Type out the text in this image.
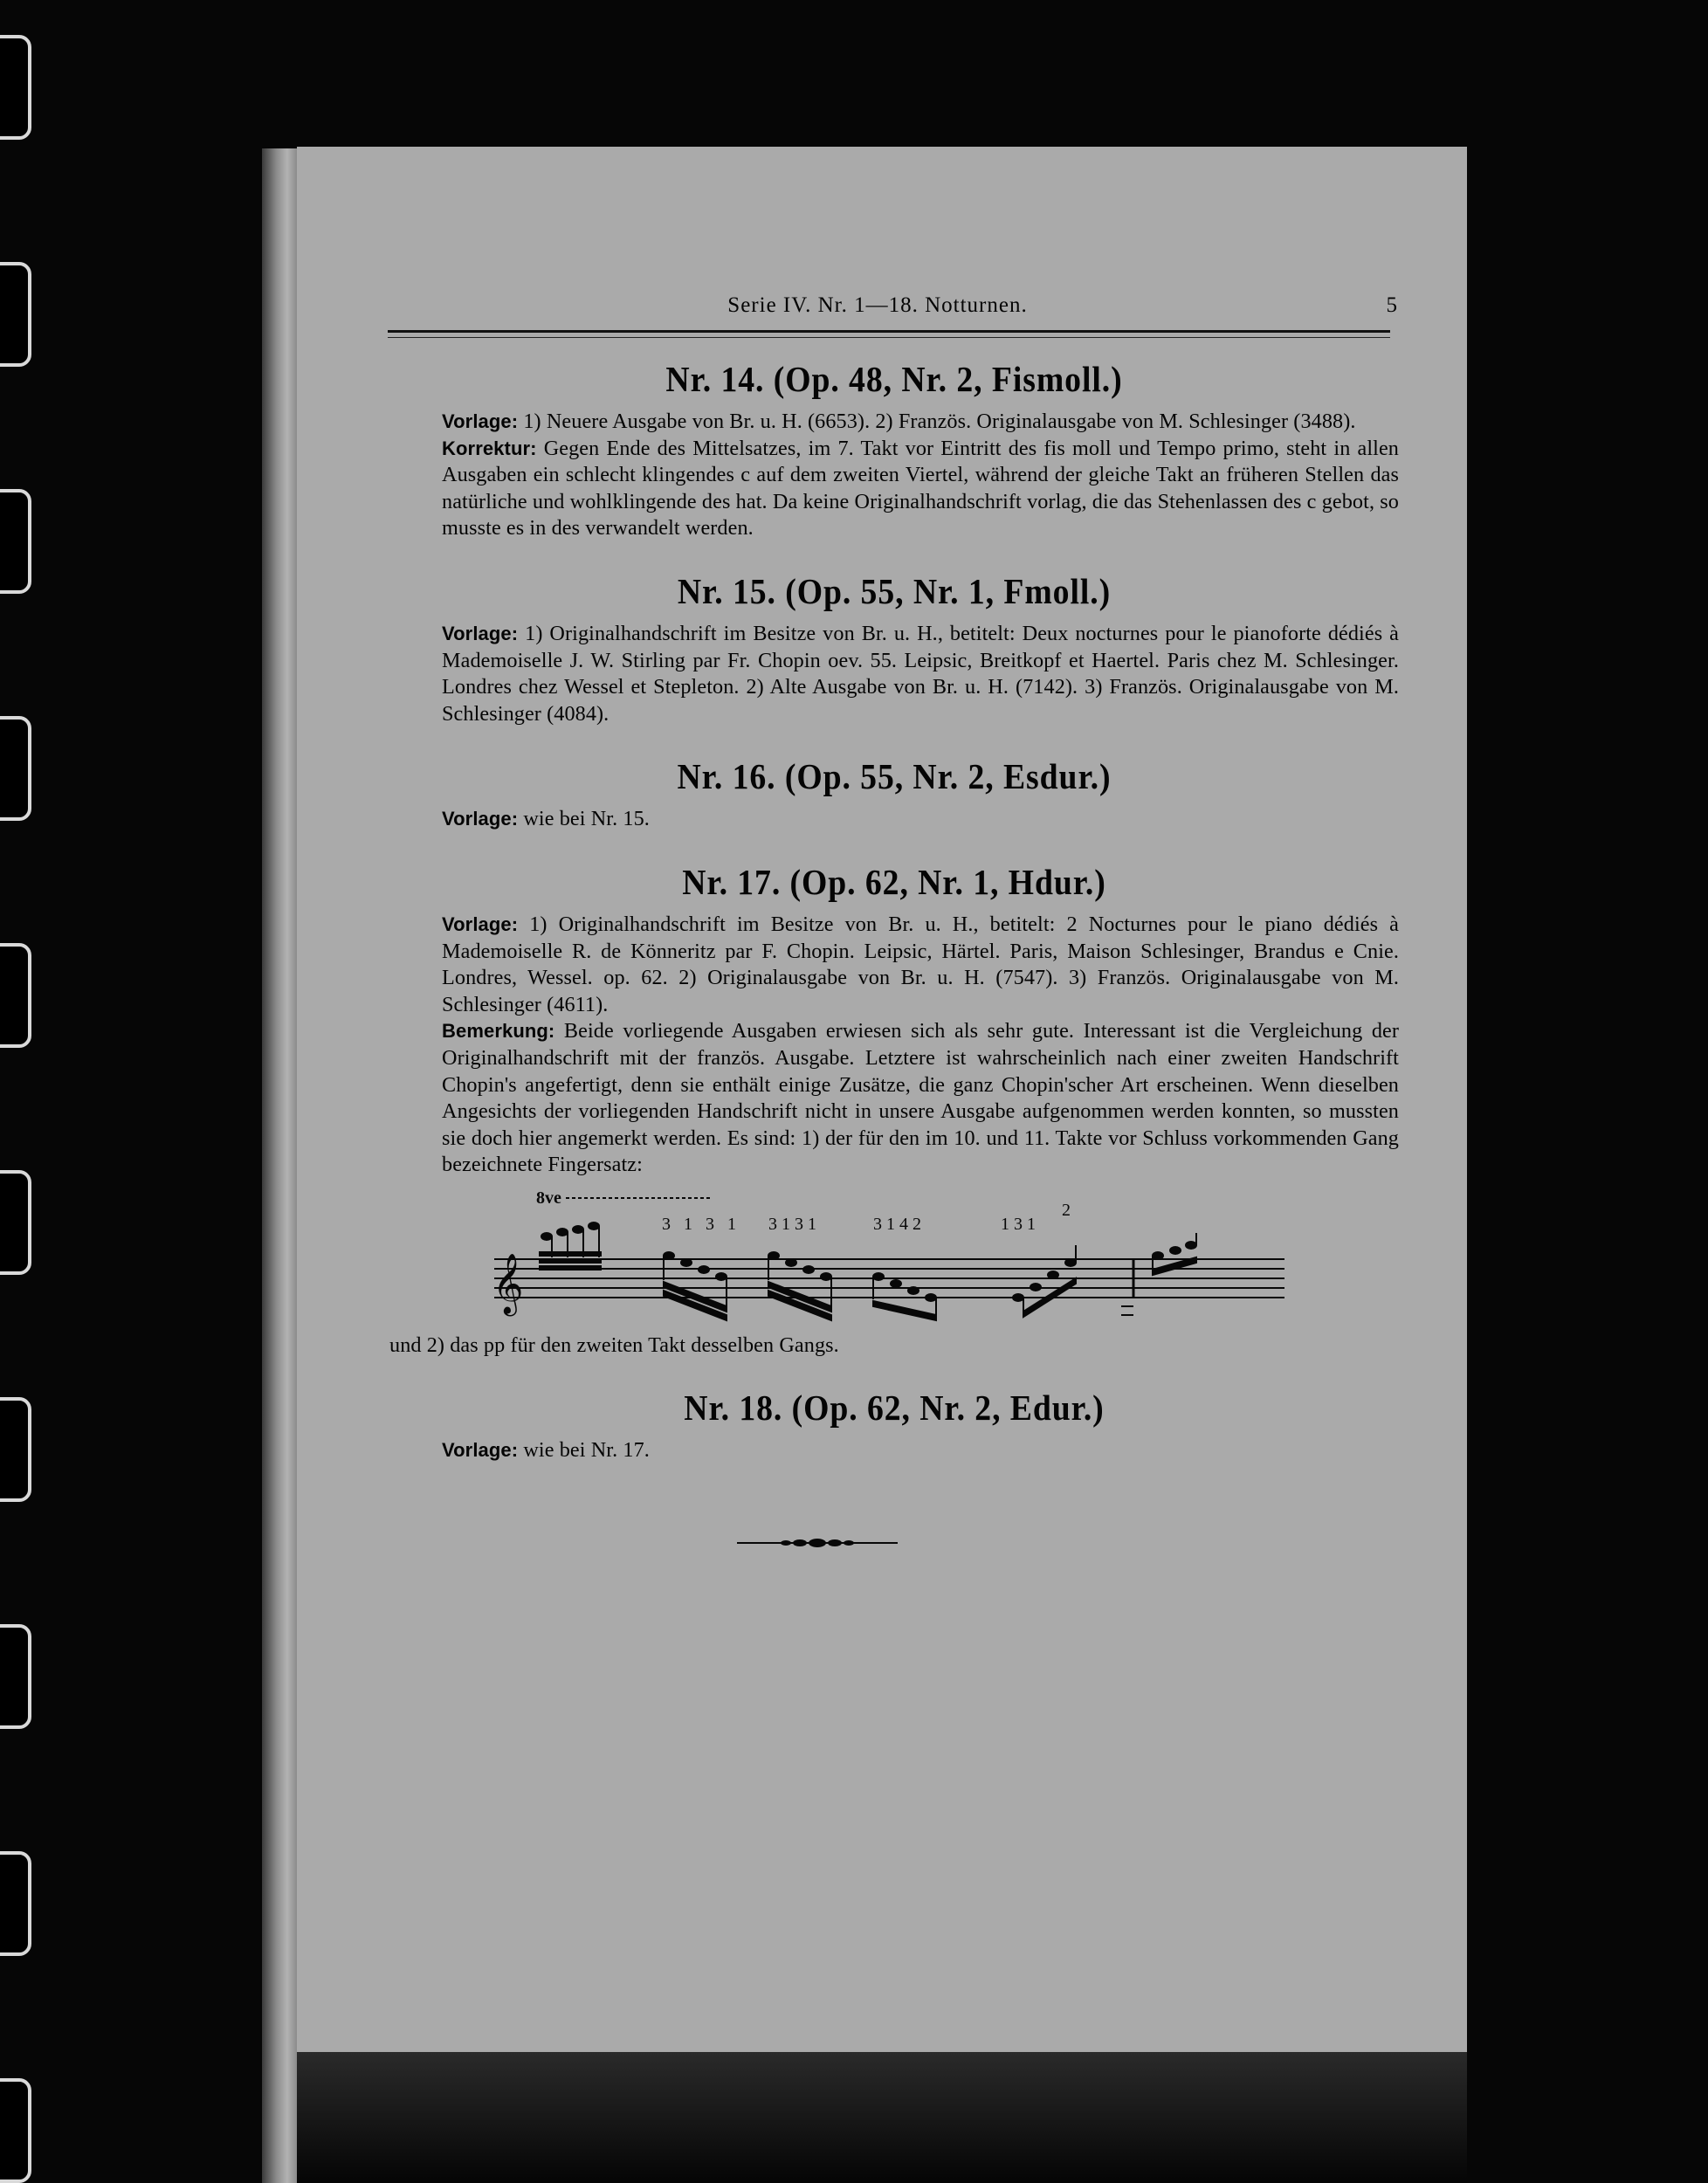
Serie IV. Nr. 1—18. Notturnen.	5
Nr. 14. (Op. 48, Nr. 2, Fismoll.)

Vorlage: 1) Neuere Ausgabe von Br. u. H. (6653). 2) Französ. Originalausgabe von M. Schlesinger (3488).

Korrektur: Gegen Ende des Mittelsatzes, im 7. Takt vor Eintritt des fis moll und Tempo primo, steht in allen Ausgaben ein schlecht klingendes c auf dem zweiten Viertel, während der gleiche Takt an früheren Stellen das natürliche und wohlklingende des hat. Da keine Originalhandschrift vorlag, die das Stehenlassen des c gebot, so musste es in des verwandelt werden.

Nr. 15. (Op. 55, Nr. 1, Fmoll.)

Vorlage: 1) Originalhandschrift im Besitze von Br. u. H., betitelt: Deux nocturnes pour le pianoforte dédiés à Mademoiselle J. W. Stirling par Fr. Chopin oev. 55. Leipsic, Breitkopf et Haertel. Paris chez M. Schlesinger. Londres chez Wessel et Stepleton. 2) Alte Ausgabe von Br. u. H. (7142). 3) Französ. Originalausgabe von M. Schlesinger (4084).

Nr. 16. (Op. 55, Nr. 2, Esdur.)

Vorlage: wie bei Nr. 15.

Nr. 17. (Op. 62, Nr. 1, Hdur.)

Vorlage: 1) Originalhandschrift im Besitze von Br. u. H., betitelt: 2 Nocturnes pour le piano dédiés à Mademoiselle R. de Könneritz par F. Chopin. Leipsic, Härtel. Paris, Maison Schlesinger, Brandus e Cnie. Londres, Wessel. op. 62. 2) Originalausgabe von Br. u. H. (7547). 3) Französ. Originalausgabe von M. Schlesinger (4611).

Bemerkung: Beide vorliegende Ausgaben erwiesen sich als sehr gute. Interessant ist die Vergleichung der Originalhandschrift mit der französ. Ausgabe. Letztere ist wahrscheinlich nach einer zweiten Handschrift Chopin's angefertigt, denn sie enthält einige Zusätze, die ganz Chopin'scher Art erscheinen. Wenn dieselben Angesichts der vorliegenden Handschrift nicht in unsere Ausgabe aufgenommen werden konnten, so mussten sie doch hier angemerkt werden. Es sind: 1) der für den im 10. und 11. Takte vor Schluss vorkommenden Gang bezeichnete Fingersatz:

𝄞
8ve
3   1   3   1 3 1 3 1	3 1 4 2	1 3 1
2

und 2) das pp für den zweiten Takt desselben Gangs.

Nr. 18. (Op. 62, Nr. 2, Edur.)

Vorlage: wie bei Nr. 17.
